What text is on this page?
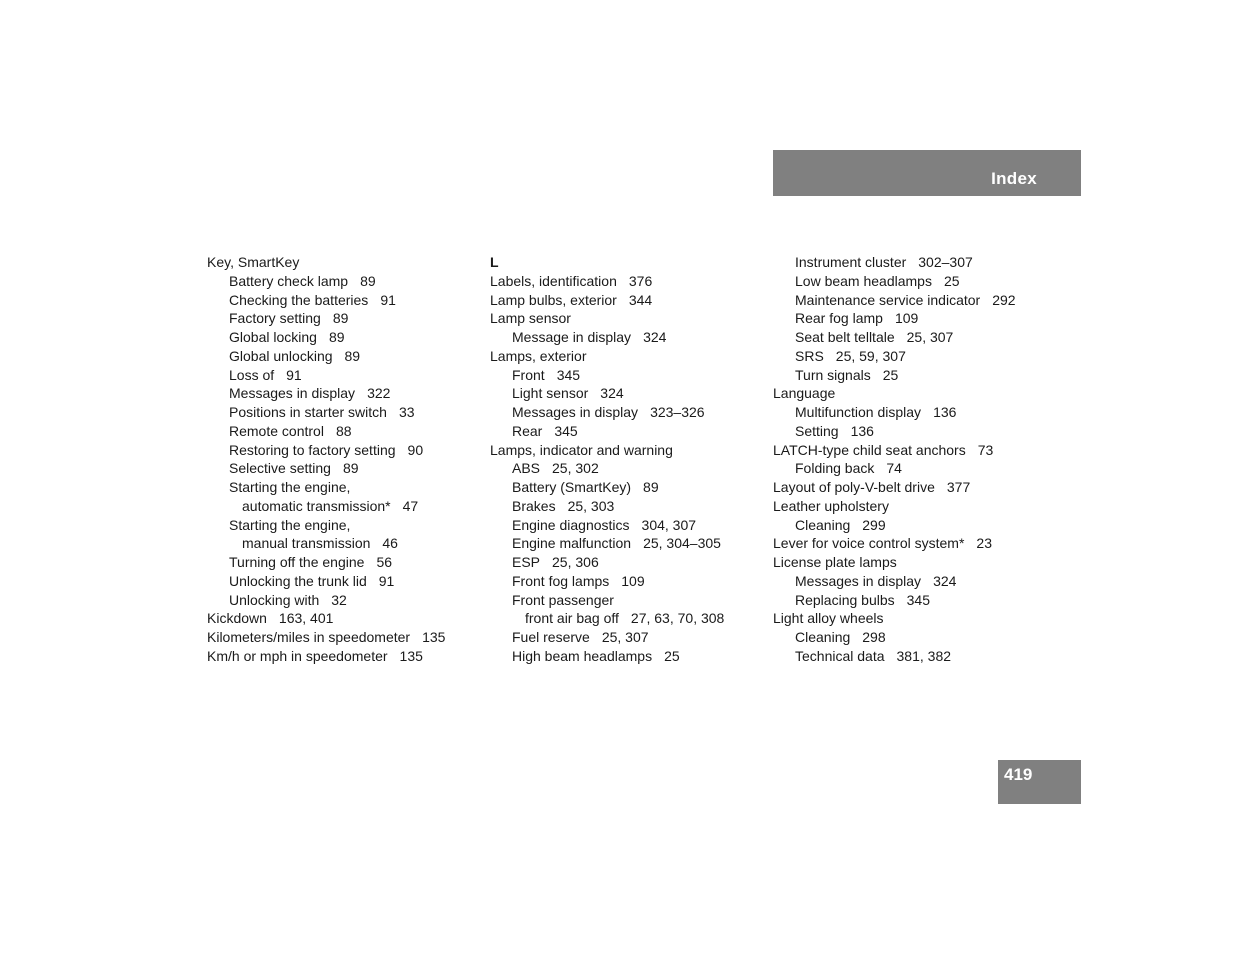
Index
Key, SmartKey
Battery check lamp 89
Checking the batteries 91
Factory setting 89
Global locking 89
Global unlocking 89
Loss of 91
Messages in display 322
Positions in starter switch 33
Remote control 88
Restoring to factory setting 90
Selective setting 89
Starting the engine,
automatic transmission* 47
Starting the engine,
manual transmission 46
Turning off the engine 56
Unlocking the trunk lid 91
Unlocking with 32
Kickdown 163, 401
Kilometers/miles in speedometer 135
Km/h or mph in speedometer 135
L
Labels, identification 376
Lamp bulbs, exterior 344
Lamp sensor
Message in display 324
Lamps, exterior
Front 345
Light sensor 324
Messages in display 323–326
Rear 345
Lamps, indicator and warning
ABS 25, 302
Battery (SmartKey) 89
Brakes 25, 303
Engine diagnostics 304, 307
Engine malfunction 25, 304–305
ESP 25, 306
Front fog lamps 109
Front passenger
front air bag off 27, 63, 70, 308
Fuel reserve 25, 307
High beam headlamps 25
Instrument cluster 302–307
Low beam headlamps 25
Maintenance service indicator 292
Rear fog lamp 109
Seat belt telltale 25, 307
SRS 25, 59, 307
Turn signals 25
Language
Multifunction display 136
Setting 136
LATCH-type child seat anchors 73
Folding back 74
Layout of poly-V-belt drive 377
Leather upholstery
Cleaning 299
Lever for voice control system* 23
License plate lamps
Messages in display 324
Replacing bulbs 345
Light alloy wheels
Cleaning 298
Technical data 381, 382
419
